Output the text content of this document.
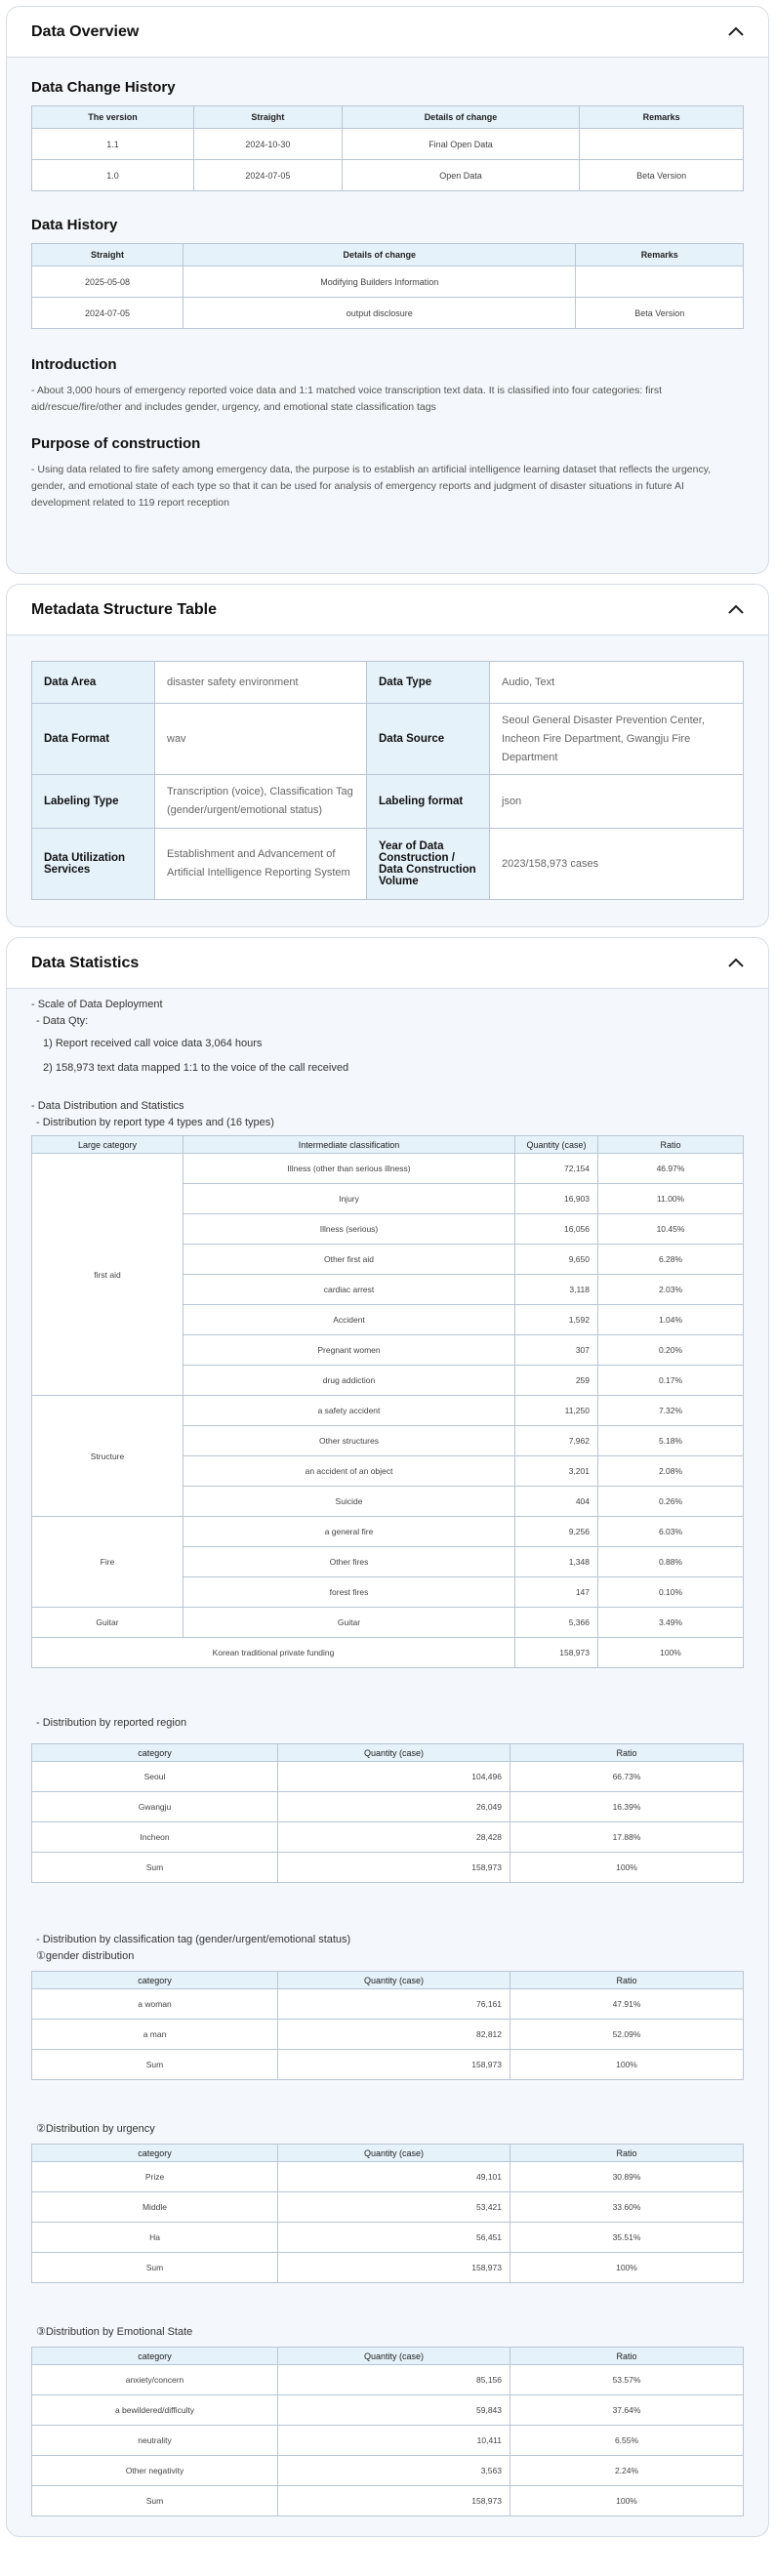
Data Overview
Data Change History
The version	Straight	Details of change	Remarks
1.1	2024-10-30	Final Open Data	
1.0	2024-07-05	Open Data	Beta Version
Data History
Straight	Details of change	Remarks
2025-05-08	Modifying Builders Information	
2024-07-05	output disclosure	Beta Version
Introduction

- About 3,000 hours of emergency reported voice data and 1:1 matched voice transcription text data. It is classified into four categories: first aid/rescue/fire/other and includes gender, urgency, and emotional state classification tags

Purpose of construction

- Using data related to fire safety among emergency data, the purpose is to establish an artificial intelligence learning dataset that reflects the urgency, gender, and emotional state of each type so that it can be used for analysis of emergency reports and judgment of disaster situations in future AI development related to 119 report reception

Metadata Structure Table
Data Area	disaster safety environment	Data Type	Audio, Text
Data Format	wav	Data Source	Seoul General Disaster Prevention Center, Incheon Fire Department, Gwangju Fire Department
Labeling Type	Transcription (voice), Classification Tag (gender/urgent/emotional status)	Labeling format	json
Data Utilization Services	Establishment and Advancement of Artificial Intelligence Reporting System	Year of Data Construction / Data Construction Volume	2023/158,973 cases
Data Statistics
- Scale of Data Deployment
- Data Qty:
1) Report received call voice data 3,064 hours
2) 158,973 text data mapped 1:1 to the voice of the call received
- Data Distribution and Statistics
- Distribution by report type 4 types and (16 types)
Large category	Intermediate classification	Quantity (case)	Ratio
first aid	Illness (other than serious illness)	72,154	46.97%
	Injury	16,903	11.00%
	Illness (serious)	16,056	10.45%
	Other first aid	9,650	6.28%
	cardiac arrest	3,118	2.03%
	Accident	1,592	1.04%
	Pregnant women	307	0.20%
	drug addiction	259	0.17%
Structure	a safety accident	11,250	7.32%
	Other structures	7,962	5.18%
	an accident of an object	3,201	2.08%
	Suicide	404	0.26%
Fire	a general fire	9,256	6.03%
	Other fires	1,348	0.88%
	forest fires	147	0.10%
Guitar	Guitar	5,366	3.49%
Korean traditional private funding		158,973	100%
- Distribution by reported region
category	Quantity (case)	Ratio
Seoul	104,496	66.73%
Gwangju	26,049	16.39%
Incheon	28,428	17.88%
Sum	158,973	100%
- Distribution by classification tag (gender/urgent/emotional status)
①gender distribution
category	Quantity (case)	Ratio
a woman	76,161	47.91%
a man	82,812	52.09%
Sum	158,973	100%
②Distribution by urgency
category	Quantity (case)	Ratio
Prize	49,101	30.89%
Middle	53,421	33.60%
Ha	56,451	35.51%
Sum	158,973	100%
③Distribution by Emotional State
category	Quantity (case)	Ratio
anxiety/concern	85,156	53.57%
a bewildered/difficulty	59,843	37.64%
neutrality	10,411	6.55%
Other negativity	3,563	2.24%
Sum	158,973	100%
